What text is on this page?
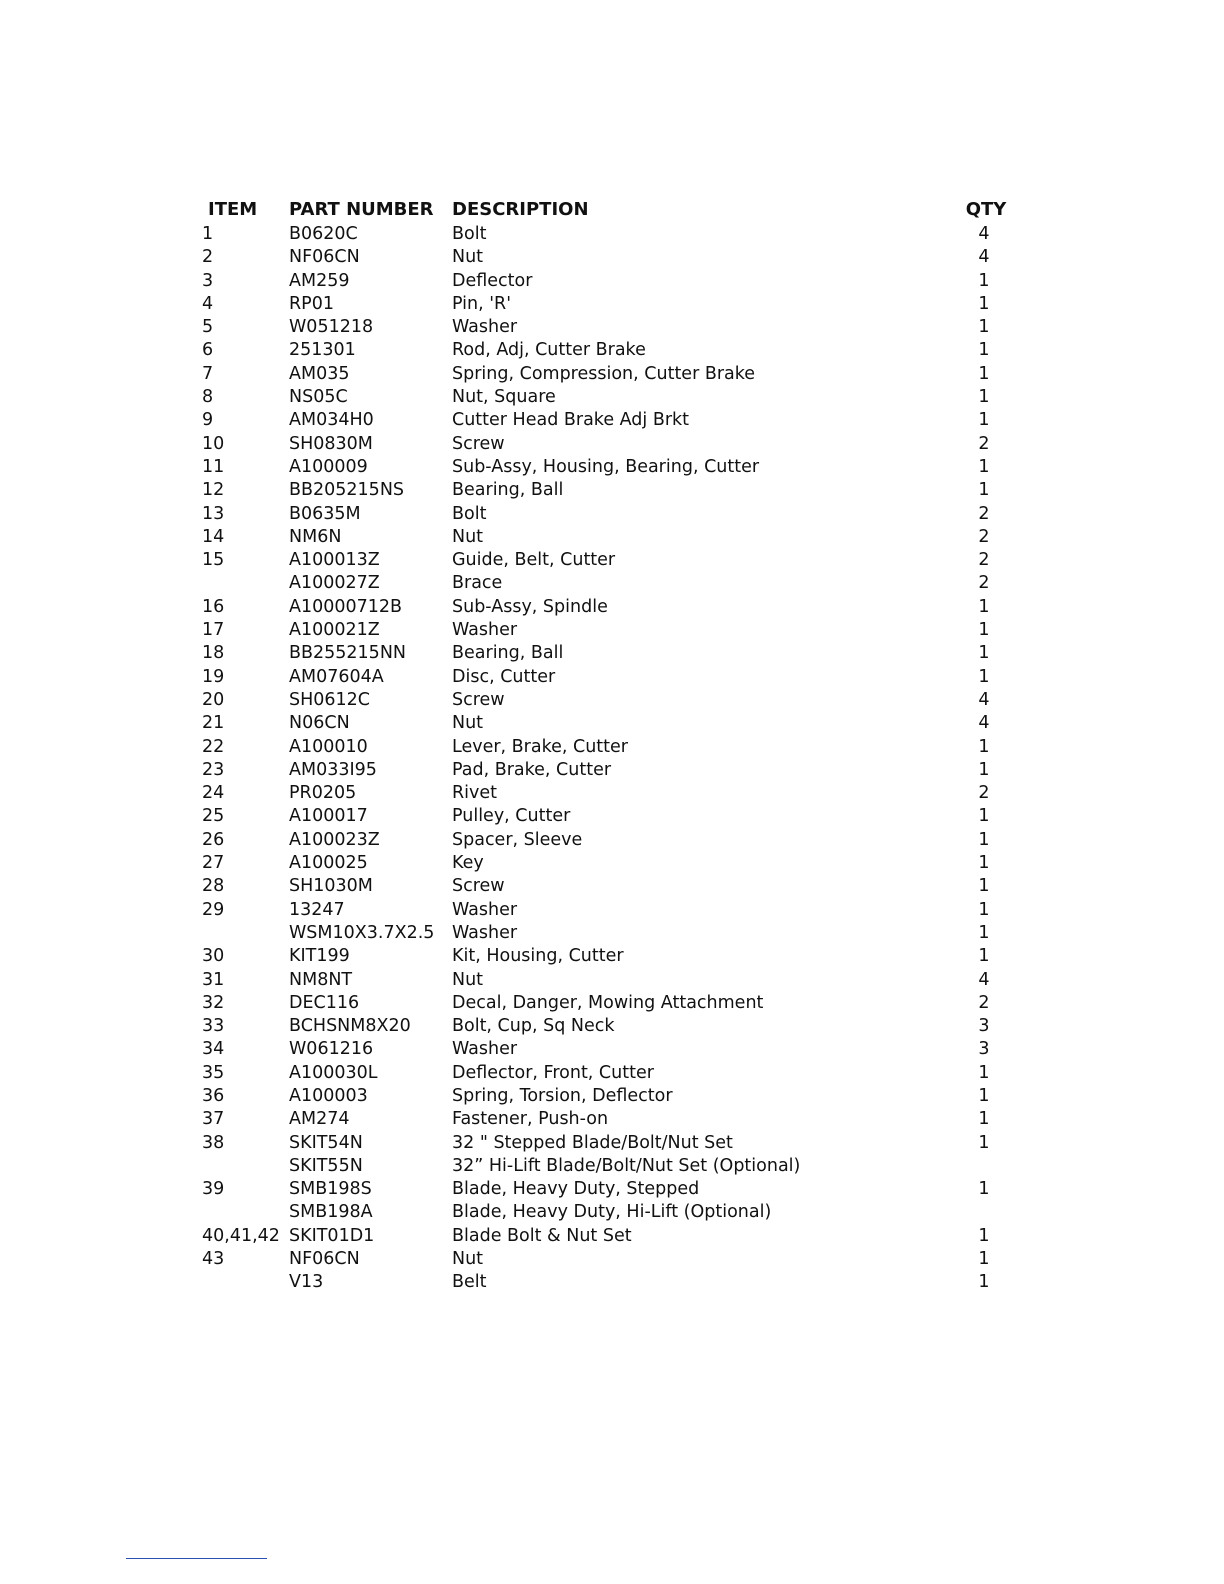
ITEM PART NUMBER DESCRIPTION	QTY
1	B0620C	Bolt	4
2	NF06CN	Nut	4
3	AM259	Deflector	1
4	RP01	Pin, 'R'	1
5	W051218	Washer	1
6	251301	Rod, Adj, Cutter Brake	1
7	AM035	Spring, Compression, Cutter Brake	1
8	NS05C	Nut, Square	1
9	AM034H0	Cutter Head Brake Adj Brkt	1
10	SH0830M	Screw	2
11	A100009	Sub-Assy, Housing, Bearing, Cutter	1
12	BB205215NS	Bearing, Ball	1
13	B0635M	Bolt	2
14	NM6N	Nut	2
15	A100013Z	Guide, Belt, Cutter	2
A100027Z	Brace	2
16	A10000712B	Sub-Assy, Spindle	1
17	A100021Z	Washer	1
18	BB255215NN	Bearing, Ball	1
19	AM07604A	Disc, Cutter	1
20	SH0612C	Screw	4
21	N06CN	Nut	4
22	A100010	Lever, Brake, Cutter	1
23	AM033I95	Pad, Brake, Cutter	1
24	PR0205	Rivet	2
25	A100017	Pulley, Cutter	1
26	A100023Z	Spacer, Sleeve	1
27	A100025	Key	1
28	SH1030M	Screw	1
29	13247	Washer	1
WSM10X3.7X2.5 Washer	1
30	KIT199	Kit, Housing, Cutter	1
31	NM8NT	Nut	4
32	DEC116	Decal, Danger, Mowing Attachment	2
33	BCHSNM8X20 Bolt, Cup, Sq Neck	3
34	W061216	Washer	3
35	A100030L	Deflector, Front, Cutter	1
36	A100003	Spring, Torsion, Deflector	1
37	AM274	Fastener, Push-on	1
38	SKIT54N	32 " Stepped Blade/Bolt/Nut Set	1
SKIT55N	32” Hi-Lift Blade/Bolt/Nut Set (Optional)
39	SMB198S	Blade, Heavy Duty, Stepped	1
SMB198A	Blade, Heavy Duty, Hi-Lift (Optional)
40,41,42 SKIT01D1	Blade Bolt & Nut Set	1
43	NF06CN	Nut	1
V13	Belt	1
